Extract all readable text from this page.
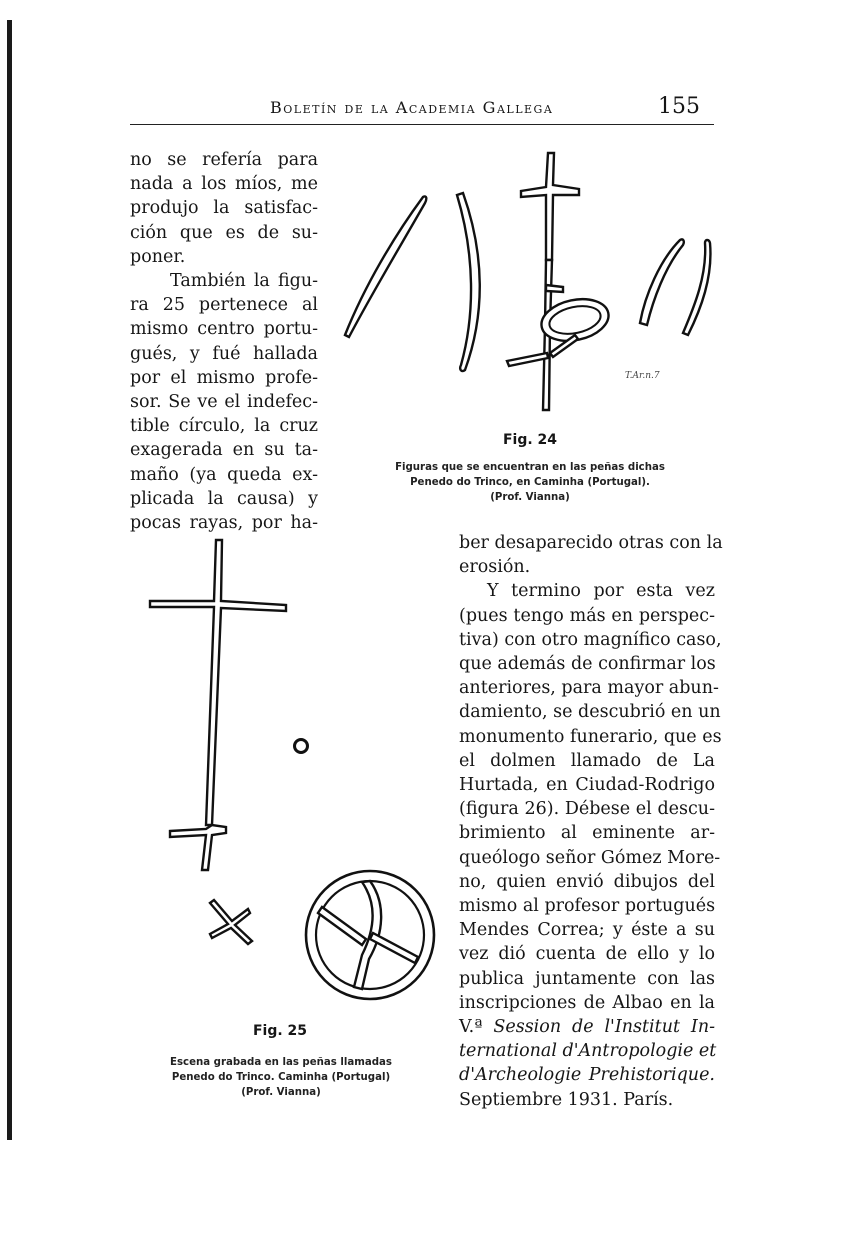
Boletín de la Academia Gallega	155
no se refería para
nada a los míos, me
produjo la satisfac-
ción que es de su-
poner.
También la figu-
ra 25 pertenece al
mismo centro portu-
gués, y fué hallada
por el mismo profe-
sor. Se ve el indefec-
tible círculo, la cruz
exagerada en su ta-
maño (ya queda ex-
plicada la causa) y
pocas rayas, por ha-
T.Ar.n.7
Fig. 24
Figuras que se encuentran en las peñas dichas
Penedo do Trinco, en Caminha (Portugal).
(Prof. Vianna)
Fig. 25
Escena grabada en las peñas llamadas
Penedo do Trinco. Caminha (Portugal)
(Prof. Vianna)
ber desaparecido otras con la
erosión.
Y termino por esta vez
(pues tengo más en perspec-
tiva) con otro magnífico caso,
que además de confirmar los
anteriores, para mayor abun-
damiento, se descubrió en un
monumento funerario, que es
el dolmen llamado de La
Hurtada, en Ciudad-Rodrigo
(figura 26). Débese el descu-
brimiento al eminente ar-
queólogo señor Gómez More-
no, quien envió dibujos del
mismo al profesor portugués
Mendes Correa; y éste a su
vez dió cuenta de ello y lo
publica juntamente con las
inscripciones de Albao en la
V.ª Session de l'Institut In-
ternational d'Antropologie et
d'Archeologie Prehistorique.
Septiembre 1931. París.
